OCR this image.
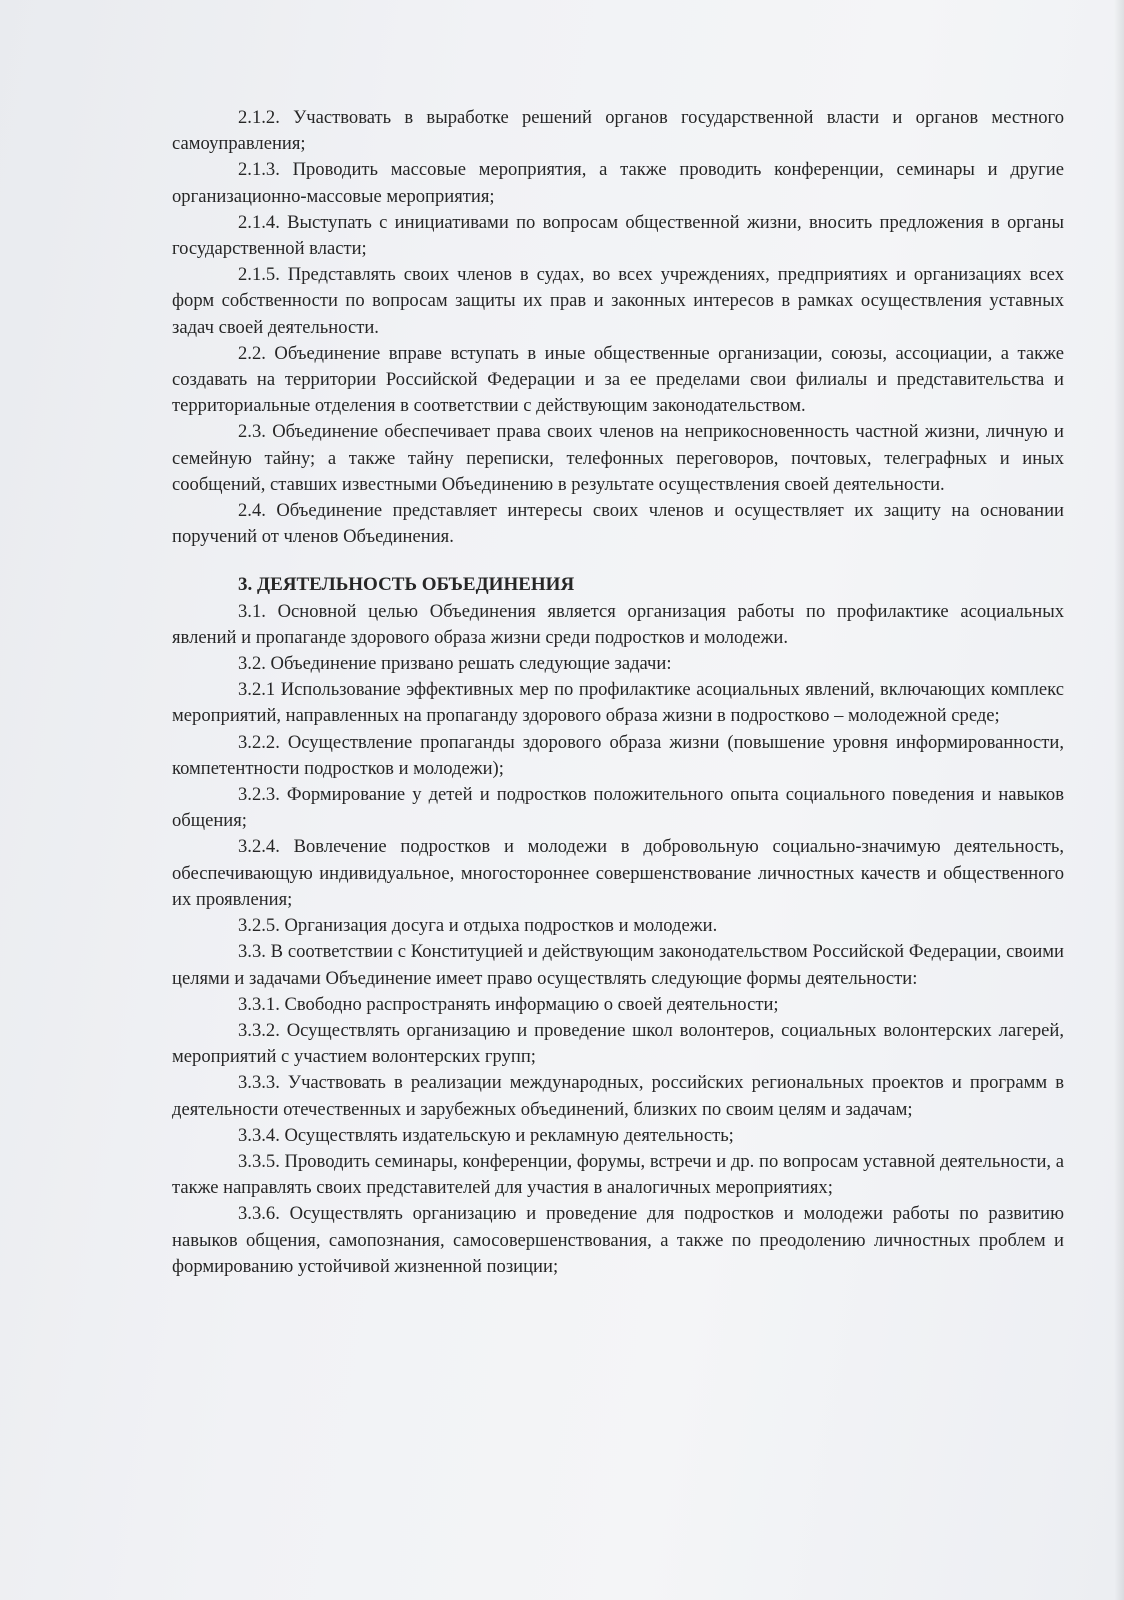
2.1.2. Участвовать в выработке решений органов государственной власти и органов местного самоуправления;

2.1.3. Проводить массовые мероприятия, а также проводить конференции, семинары и другие организационно-массовые мероприятия;

2.1.4. Выступать с инициативами по вопросам общественной жизни, вносить предложения в органы государственной власти;

2.1.5. Представлять своих членов в судах, во всех учреждениях, предприятиях и организациях всех форм собственности по вопросам защиты их прав и законных интересов в рамках осуществления уставных задач своей деятельности.

2.2. Объединение вправе вступать в иные общественные организации, союзы, ассоциации, а также создавать на территории Российской Федерации и за ее пределами свои филиалы и представительства и территориальные отделения в соответствии с действующим законодательством.

2.3. Объединение обеспечивает права своих членов на неприкосновенность частной жизни, личную и семейную тайну; а также тайну переписки, телефонных переговоров, почтовых, телеграфных и иных сообщений, ставших известными Объединению в результате осуществления своей деятельности.

2.4. Объединение представляет интересы своих членов и осуществляет их защиту на основании поручений от членов Объединения.

3. ДЕЯТЕЛЬНОСТЬ ОБЪЕДИНЕНИЯ

3.1. Основной целью Объединения является организация работы по профилактике асоциальных явлений и пропаганде здорового образа жизни среди подростков и молодежи.

3.2. Объединение призвано решать следующие задачи:

3.2.1 Использование эффективных мер по профилактике асоциальных явлений, включающих комплекс мероприятий, направленных на пропаганду здорового образа жизни в подростково – молодежной среде;

3.2.2. Осуществление пропаганды здорового образа жизни (повышение уровня информированности, компетентности подростков и молодежи);

3.2.3. Формирование у детей и подростков положительного опыта социального поведения и навыков общения;

3.2.4. Вовлечение подростков и молодежи в добровольную социально-значимую деятельность, обеспечивающую индивидуальное, многостороннее совершенствование личностных качеств и общественного их проявления;

3.2.5. Организация досуга и отдыха подростков и молодежи.

3.3. В соответствии с Конституцией и действующим законодательством Российской Федерации, своими целями и задачами Объединение имеет право осуществлять следующие формы деятельности:

3.3.1. Свободно распространять информацию о своей деятельности;

3.3.2. Осуществлять организацию и проведение школ волонтеров, социальных волонтерских лагерей, мероприятий с участием волонтерских групп;

3.3.3. Участвовать в реализации международных, российских региональных проектов и программ в деятельности отечественных и зарубежных объединений, близких по своим целям и задачам;

3.3.4. Осуществлять издательскую и рекламную деятельность;

3.3.5. Проводить семинары, конференции, форумы, встречи и др. по вопросам уставной деятельности, а также направлять своих представителей для участия в аналогичных мероприятиях;

3.3.6. Осуществлять организацию и проведение для подростков и молодежи работы по развитию навыков общения, самопознания, самосовершенствования, а также по преодолению личностных проблем и формированию устойчивой жизненной позиции;
